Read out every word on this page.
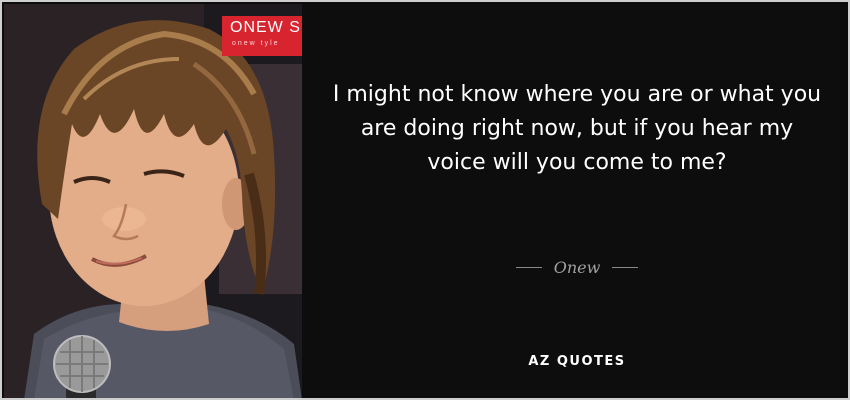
ONEW S
onew tyle
I might not know where you are or what you are doing right now, but if you hear my voice will you come to me?
Onew
AZ QUOTES
